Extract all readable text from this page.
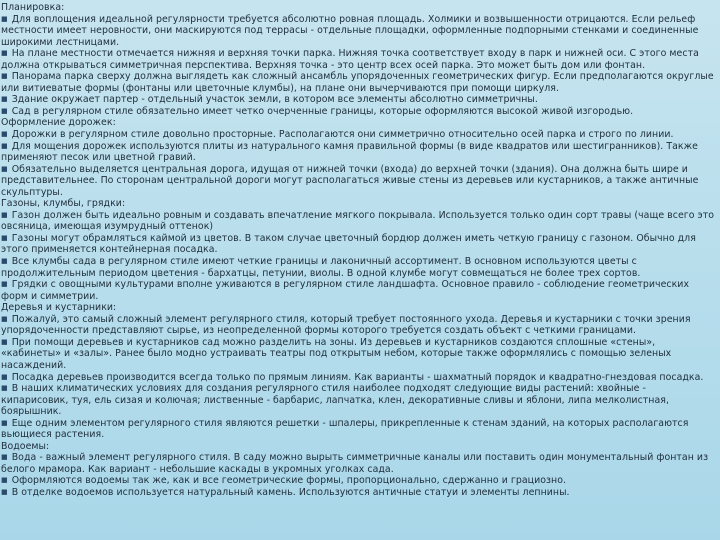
Планировка:
■ Для воплощения идеальной регулярности требуется абсолютно ровная площадь. Холмики и возвышенности отрицаются. Если рельеф местности имеет неровности, они маскируются под террасы - отдельные площадки, оформленные подпорными стенками и соединенные широкими лестницами.
■ На плане местности отмечается нижняя и верхняя точки парка. Нижняя точка соответствует входу в парк и нижней оси. С этого места должна открываться симметричная перспектива. Верхняя точка - это центр всех осей парка. Это может быть дом или фонтан.
■ Панорама парка сверху должна выглядеть как сложный ансамбль упорядоченных геометрических фигур. Если предполагаются округлые или витиеватые формы (фонтаны или цветочные клумбы), на плане они вычерчиваются при помощи циркуля.
■ Здание окружает партер - отдельный участок земли, в котором все элементы абсолютно симметричны.
■ Сад в регулярном стиле обязательно имеет четко очерченные границы, которые оформляются высокой живой изгородью.
Оформление дорожек:
■ Дорожки в регулярном стиле довольно просторные. Располагаются они симметрично относительно осей парка и строго по линии.
■ Для мощения дорожек используются плиты из натурального камня правильной формы (в виде квадратов или шестигранников). Также применяют песок или цветной гравий.
■ Обязательно выделяется центральная дорога, идущая от нижней точки (входа) до верхней точки (здания). Она должна быть шире и представительнее. По сторонам центральной дороги могут располагаться живые стены из деревьев или кустарников, а также античные скульптуры.
Газоны, клумбы, грядки:
■ Газон должен быть идеально ровным и создавать впечатление мягкого покрывала. Используется только один сорт травы (чаще всего это овсяница, имеющая изумрудный оттенок)
■ Газоны могут обрамляться каймой из цветов. В таком случае цветочный бордюр должен иметь четкую границу с газоном. Обычно для этого применяется контейнерная посадка.
■ Все клумбы сада в регулярном стиле имеют четкие границы и лаконичный ассортимент. В основном используются цветы с продолжительным периодом цветения - бархатцы, петунии, виолы. В одной клумбе могут совмещаться не более трех сортов.
■ Грядки с овощными культурами вполне уживаются в регулярном стиле ландшафта. Основное правило - соблюдение геометрических форм и симметрии.
Деревья и кустарники:
■ Пожалуй, это самый сложный элемент регулярного стиля, который требует постоянного ухода. Деревья и кустарники с точки зрения упорядоченности представляют сырье, из неопределенной формы которого требуется создать объект с четкими границами.
■ При помощи деревьев и кустарников сад можно разделить на зоны. Из деревьев и кустарников создаются сплошные «стены», «кабинеты» и «залы». Ранее было модно устраивать театры под открытым небом, которые также оформлялись с помощью зеленых насаждений.
■ Посадка деревьев производится всегда только по прямым линиям. Как варианты - шахматный порядок и квадратно-гнездовая посадка.
■ В наших климатических условиях для создания регулярного стиля наиболее подходят следующие виды растений: хвойные - кипарисовик, туя, ель сизая и колючая; лиственные - барбарис, лапчатка, клен, декоративные сливы и яблони, липа мелколистная, боярышник.
■ Еще одним элементом регулярного стиля являются решетки - шпалеры, прикрепленные к стенам зданий, на которых располагаются вьющиеся растения.
Водоемы:
■ Вода - важный элемент регулярного стиля. В саду можно вырыть симметричные каналы или поставить один монументальный фонтан из белого мрамора. Как вариант - небольшие каскады в укромных уголках сада.
■ Оформляются водоемы так же, как и все геометрические формы, пропорционально, сдержанно и грациозно.
■ В отделке водоемов используется натуральный камень. Используются античные статуи и элементы лепнины.
